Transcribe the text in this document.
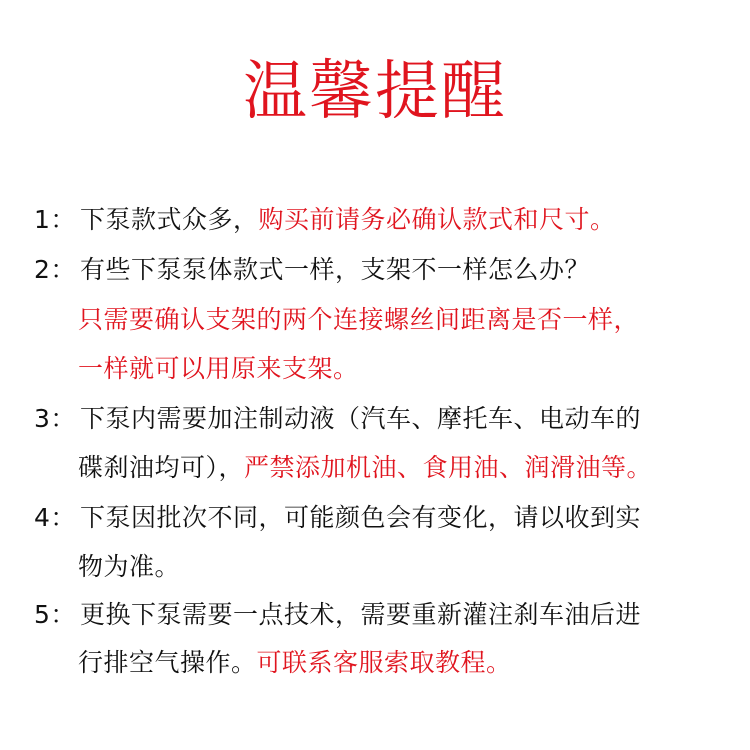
温馨提醒
1： 下泵款式众多，购买前请务必确认款式和尺寸。
2： 有些下泵泵体款式一样，支架不一样怎么办？
只需要确认支架的两个连接螺丝间距离是否一样，
一样就可以用原来支架。
3： 下泵内需要加注制动液（汽车、摩托车、电动车的
碟刹油均可），严禁添加机油、食用油、润滑油等。
4： 下泵因批次不同，可能颜色会有变化，请以收到实
物为准。
5： 更换下泵需要一点技术，需要重新灌注刹车油后进
行排空气操作。可联系客服索取教程。
